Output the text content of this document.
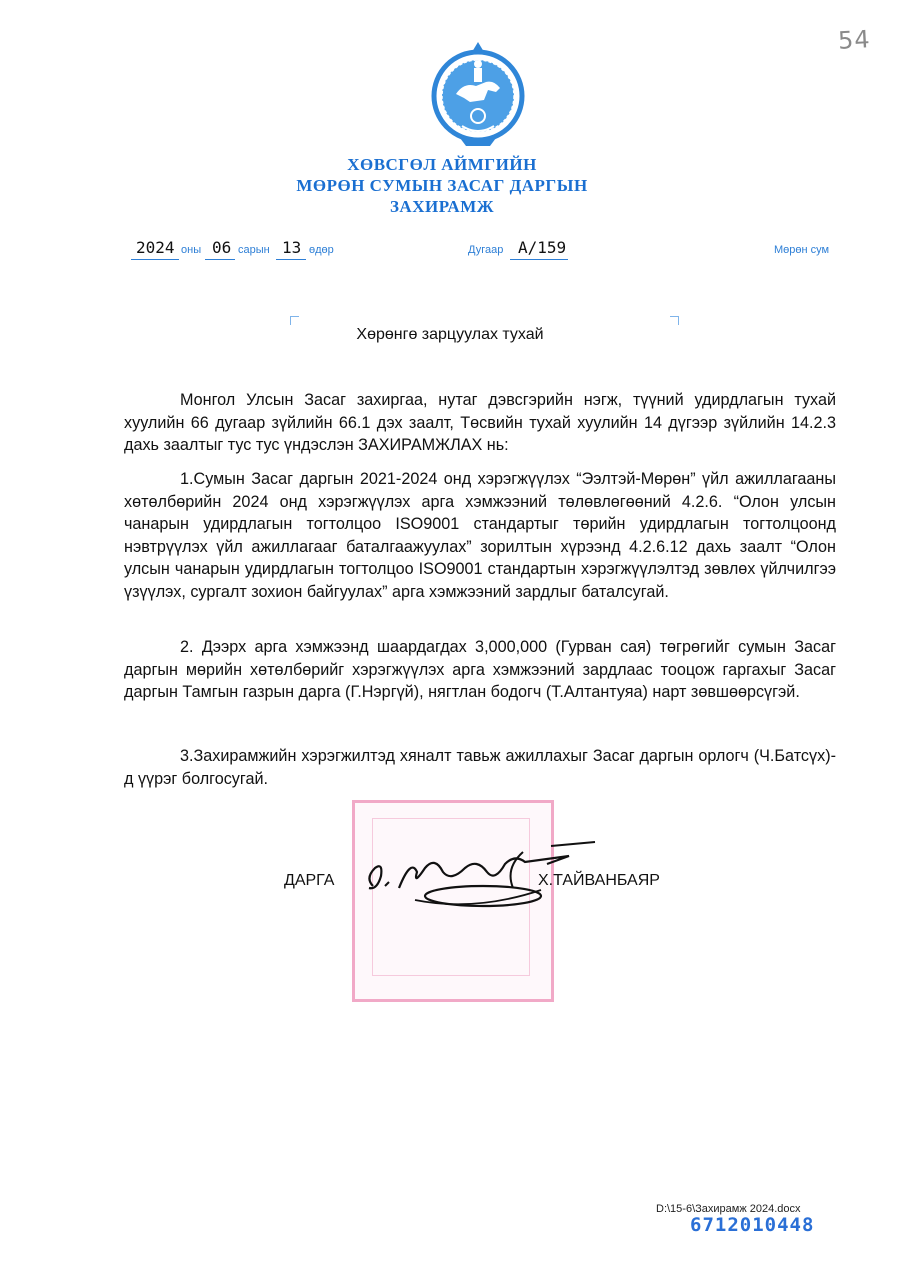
54
ХӨВСГӨЛ АЙМГИЙН
МӨРӨН СУМЫН ЗАСАГ ДАРГЫН
ЗАХИРАМЖ
2024 оны 06 сарын 13 өдөр	Дугаар А/159	Мөрөн сум
Хөрөнгө зарцуулах тухай
Монгол Улсын Засаг захиргаа, нутаг дэвсгэрийн нэгж, түүний удирдлагын тухай хуулийн 66 дугаар зүйлийн 66.1 дэх заалт, Төсвийн тухай хуулийн 14 дүгээр зүйлийн 14.2.3 дахь заалтыг тус тус үндэслэн ЗАХИРАМЖЛАХ нь:
1.Сумын Засаг даргын 2021-2024 онд хэрэгжүүлэх “Ээлтэй-Мөрөн” үйл ажиллагааны хөтөлбөрийн 2024 онд хэрэгжүүлэх арга хэмжээний төлөвлөгөөний 4.2.6. “Олон улсын чанарын удирдлагын тогтолцоо ISO9001 стандартыг төрийн удирдлагын тогтолцоонд нэвтрүүлэх үйл ажиллагааг баталгаажуулах” зорилтын хүрээнд 4.2.6.12 дахь заалт “Олон улсын чанарын удирдлагын тогтолцоо ISO9001 стандартын хэрэгжүүлэлтэд зөвлөх үйлчилгээ үзүүлэх, сургалт зохион байгуулах” арга хэмжээний зардлыг баталсугай.
2. Дээрх арга хэмжээнд шаардагдах 3,000,000 (Гурван сая) төгрөгийг сумын Засаг даргын мөрийн хөтөлбөрийг хэрэгжүүлэх арга хэмжээний зардлаас тооцож гаргахыг Засаг даргын Тамгын газрын дарга (Г.Нэргүй), нягтлан бодогч (Т.Алтантуяа) нарт зөвшөөрсүгэй.
3.Захирамжийн хэрэгжилтэд хяналт тавьж ажиллахыг Засаг даргын орлогч (Ч.Батсүх)-д үүрэг болгосугай.
ДАРГА	Х.ТАЙВАНБАЯР
D:\15-6\Захирамж 2024.docx
6712010448
